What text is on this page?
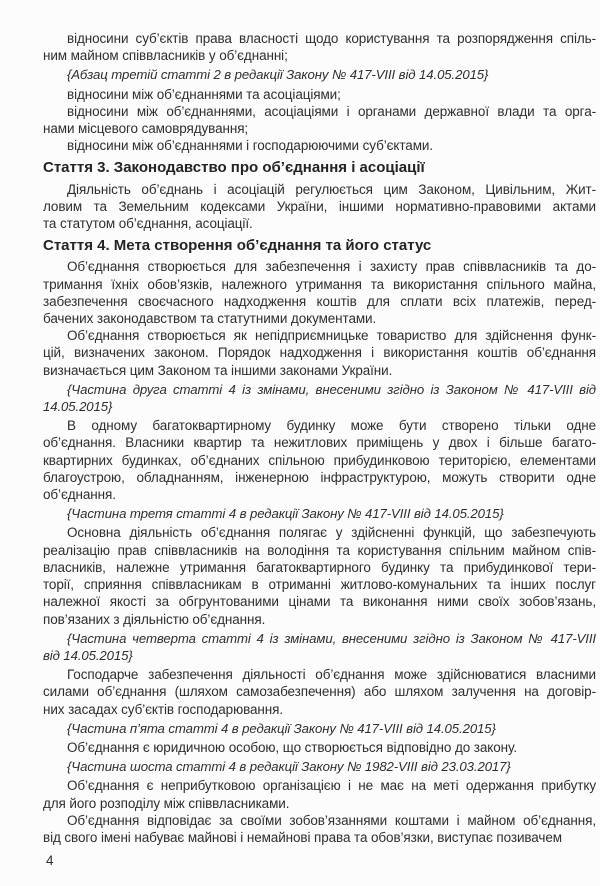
відносини суб’єктів права власності щодо користування та розпорядження спіль-
ним майном співвласників у об’єднанні;
{Абзац третій статті 2 в редакції Закону № 417-VIII від 14.05.2015}
відносини між об’єднаннями та асоціаціями;
відносини між об’єднаннями, асоціаціями і органами державної влади та орга-
нами місцевого самоврядування;
відносини між об’єднаннями і господарюючими суб’єктами.
Стаття 3. Законодавство про об’єднання і асоціації
Діяльність об’єднань і асоціацій регулюється цим Законом, Цивільним, Жит-
ловим та Земельним кодексами України, іншими нормативно-правовими актами
та статутом об’єднання, асоціації.
Стаття 4. Мета створення об’єднання та його статус
Об’єднання створюється для забезпечення і захисту прав співвласників та до-
тримання їхніх обов’язків, належного утримання та використання спільного майна,
забезпечення своєчасного надходження коштів для сплати всіх платежів, перед-
бачених законодавством та статутними документами.
Об’єднання створюється як непідприємницьке товариство для здійснення функ-
цій, визначених законом. Порядок надходження і використання коштів об’єднання
визначається цим Законом та іншими законами України.
{Частина друга статті 4 із змінами, внесеними згідно із Законом № 417-VIII від
14.05.2015}
В одному багатоквартирному будинку може бути створено тільки одне
об’єднання. Власники квартир та нежитлових приміщень у двох і більше багато-
квартирних будинках, об’єднаних спільною прибудинковою територією, елементами
благоустрою, обладнанням, інженерною інфраструктурою, можуть створити одне
об’єднання.
{Частина третя статті 4 в редакції Закону № 417-VIII від 14.05.2015}
Основна діяльність об’єднання полягає у здійсненні функцій, що забезпечують
реалізацію прав співвласників на володіння та користування спільним майном спів-
власників, належне утримання багатоквартирного будинку та прибудинкової тери-
торії, сприяння співвласникам в отриманні житлово-комунальних та інших послуг
належної якості за обгрунтованими цінами та виконання ними своїх зобов’язань,
пов’язаних з діяльністю об’єднання.
{Частина четверта статті 4 із змінами, внесеними згідно із Законом № 417-VIII
від 14.05.2015}
Господарче забезпечення діяльності об’єднання може здійснюватися власними
силами об’єднання (шляхом самозабезпечення) або шляхом залучення на договір-
них засадах суб’єктів господарювання.
{Частина п’ята статті 4 в редакції Закону № 417-VIII від 14.05.2015}
Об’єднання є юридичною особою, що створюється відповідно до закону.
{Частина шоста статті 4 в редакції Закону № 1982-VIII від 23.03.2017}
Об’єднання є неприбутковою організацією і не має на меті одержання прибутку
для його розподілу між співвласниками.
Об’єднання відповідає за своїми зобов’язаннями коштами і майном об’єднання,
від свого імені набуває майнові і немайнові права та обов’язки, виступає позивачем
4
